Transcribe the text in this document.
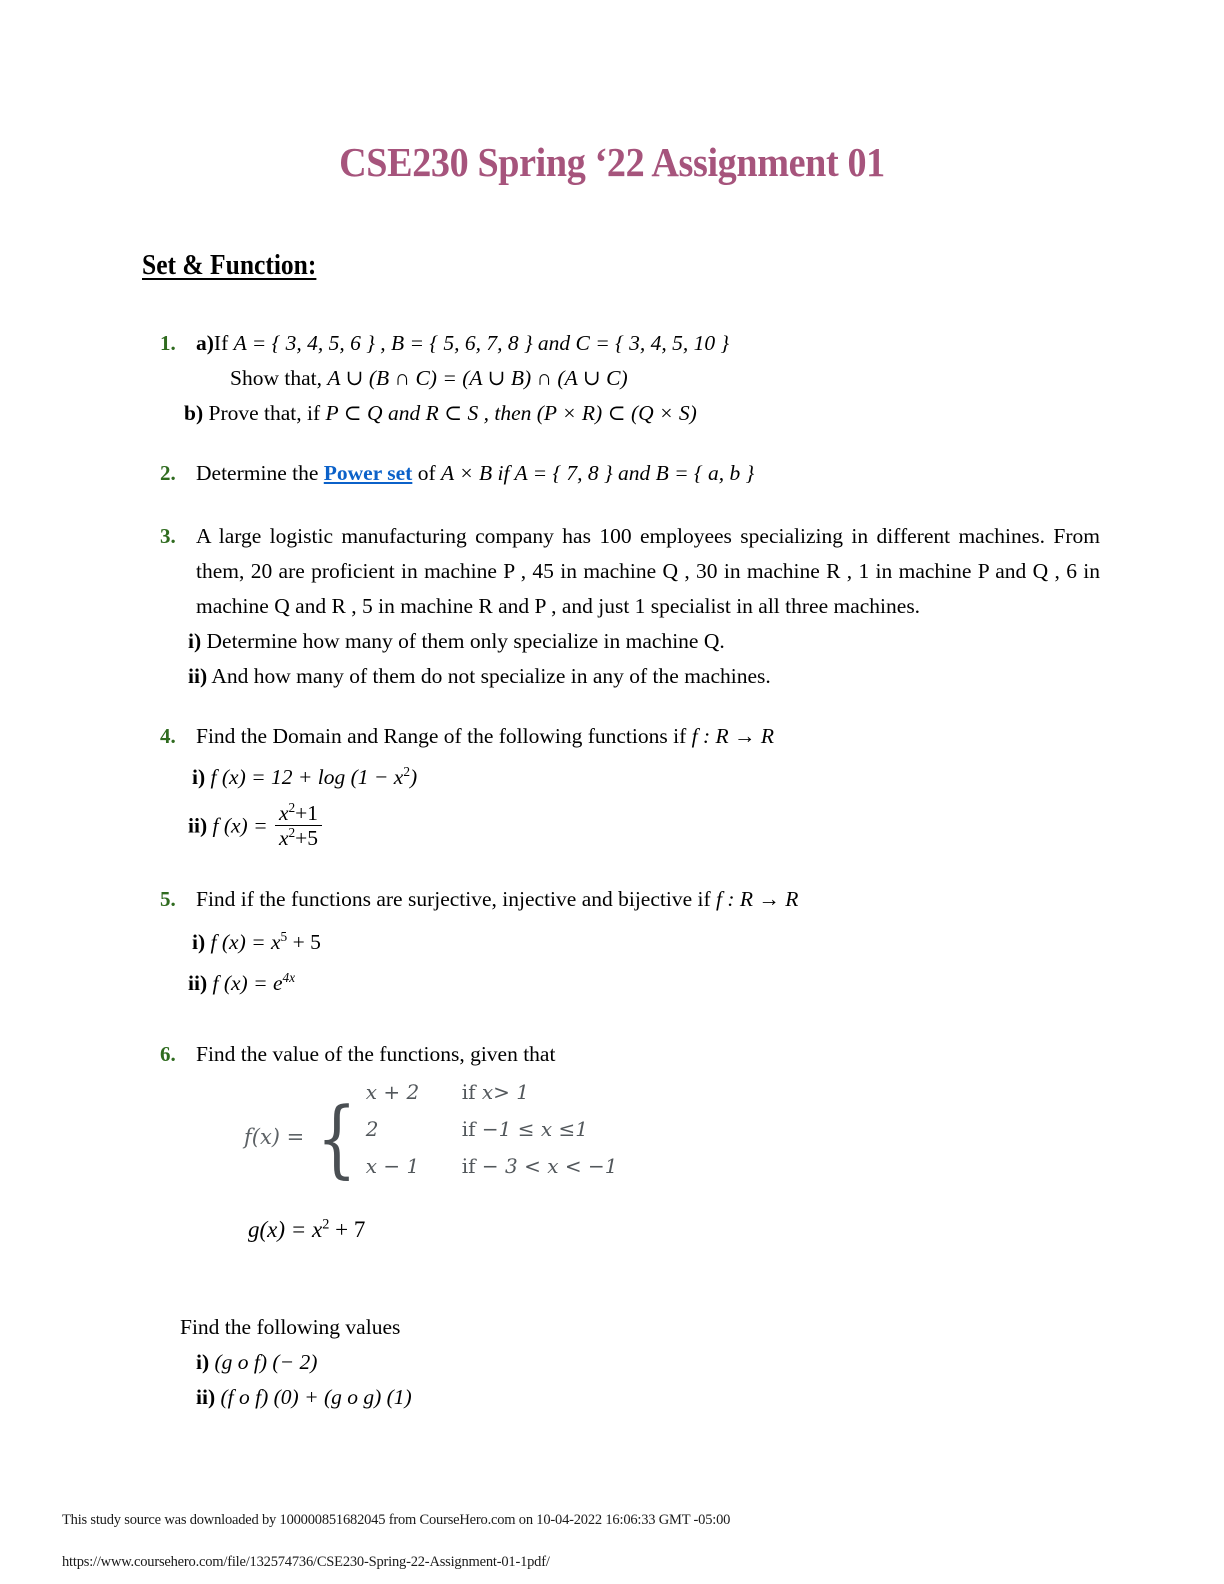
CSE230 Spring ‘22 Assignment 01
Set & Function:
1. a)If A = { 3, 4, 5, 6 } , B = { 5, 6, 7, 8 } and C = { 3, 4, 5, 10 }
Show that, A ∪ (B ∩ C) = (A ∪ B) ∩ (A ∪ C)
b) Prove that, if P ⊂ Q and R ⊂ S , then (P × R) ⊂ (Q × S)
2. Determine the Power set of A × B if A = { 7, 8 } and B = { a, b }
3. A large logistic manufacturing company has 100 employees specializing in different machines. From them, 20 are proficient in machine P , 45 in machine Q , 30 in machine R , 1 in machine P and Q , 6 in machine Q and R , 5 in machine R and P , and just 1 specialist in all three machines.
i) Determine how many of them only specialize in machine Q.
ii) And how many of them do not specialize in any of the machines.
4. Find the Domain and Range of the following functions if f : R → R
i) f $(x) = 12 + \log (1 - x^2)$
ii) f $(x) = \frac{x^2+1}{x^2+5}$
5. Find if the functions are surjective, injective and bijective if f : R → R
i) f $(x) = x^5 + 5$
ii) f $(x) = e^{4x}$
6. Find the value of the functions, given that
f(x) = { x + 2	if x> 1
2	if −1 ≤ x ≤1
x − 1	if − 3 < x < −1
$g(x) = x^2 + 7$
Find the following values
i) (g o f) (− 2)
ii) (f o f) (0) + (g o g) (1)
This study source was downloaded by 100000851682045 from CourseHero.com on 10-04-2022 16:06:33 GMT -05:00
https://www.coursehero.com/file/132574736/CSE230-Spring-22-Assignment-01-1pdf/
